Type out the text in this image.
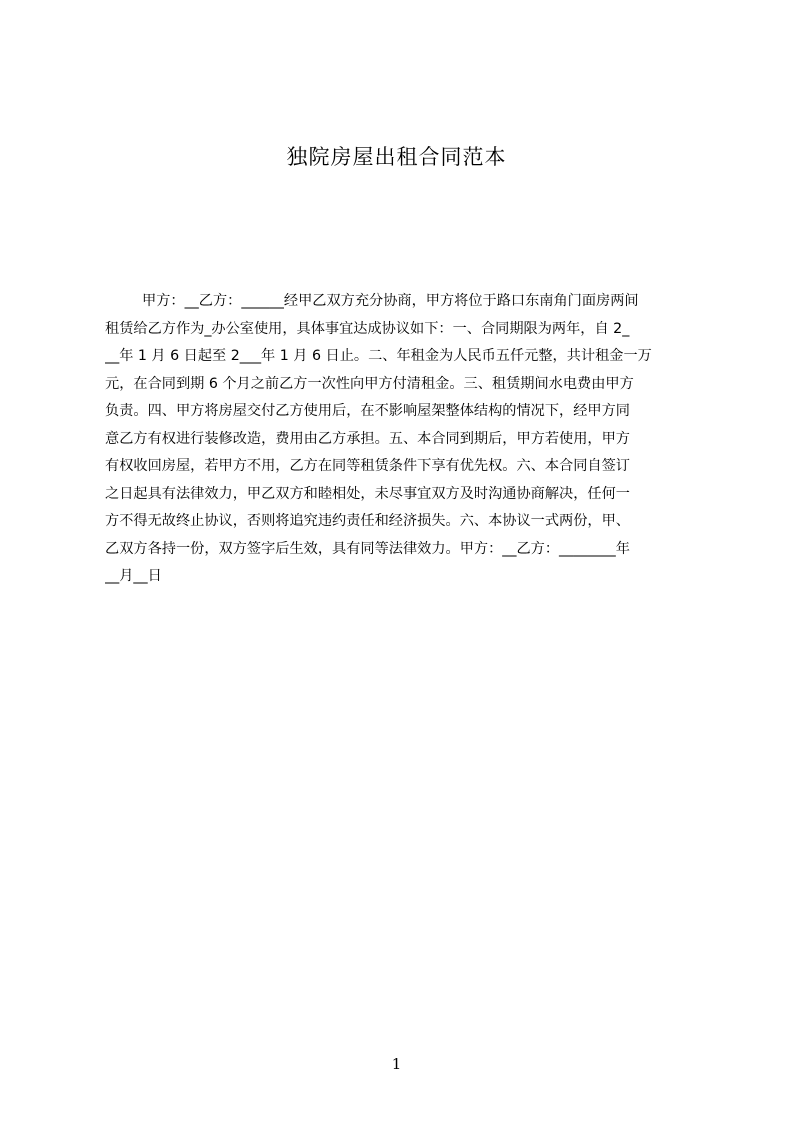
独院房屋出租合同范本
甲方：__乙方：______经甲乙双方充分协商，甲方将位于路口东南角门面房两间
租赁给乙方作为_办公室使用，具体事宜达成协议如下：一、合同期限为两年，自 2_
__年 1 月 6 日起至 2___年 1 月 6 日止。二、年租金为人民币五仟元整，共计租金一万
元，在合同到期 6 个月之前乙方一次性向甲方付清租金。三、租赁期间水电费由甲方
负责。四、甲方将房屋交付乙方使用后，在不影响屋架整体结构的情况下，经甲方同
意乙方有权进行装修改造，费用由乙方承担。五、本合同到期后，甲方若使用，甲方
有权收回房屋，若甲方不用，乙方在同等租赁条件下享有优先权。六、本合同自签订
之日起具有法律效力，甲乙双方和睦相处，未尽事宜双方及时沟通协商解决，任何一
方不得无故终止协议，否则将追究违约责任和经济损失。六、本协议一式两份，甲、
乙双方各持一份，双方签字后生效，具有同等法律效力。甲方：__乙方：________年
__月__日
1
